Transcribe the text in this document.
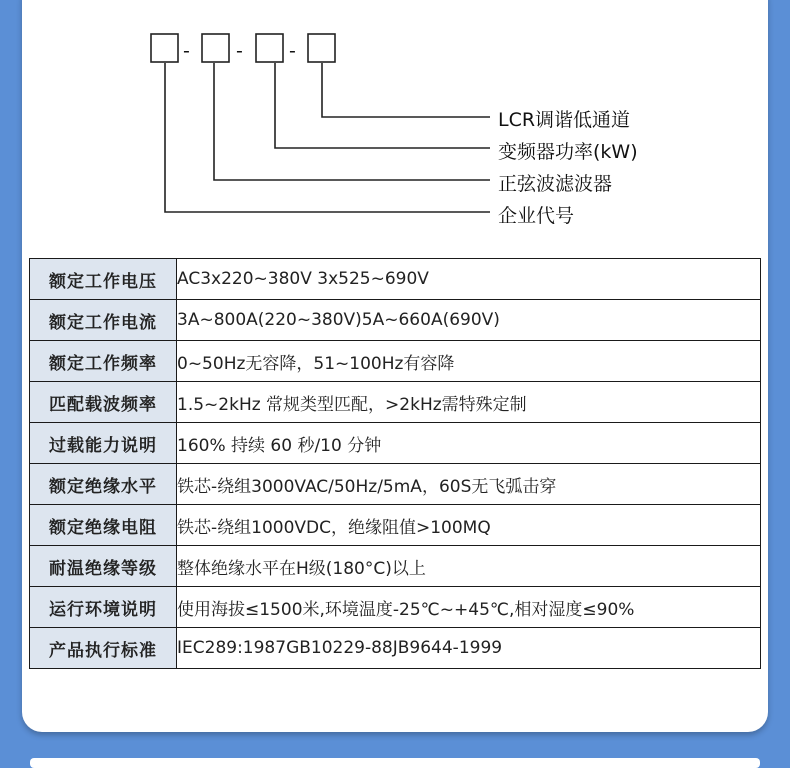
- - -
LCR调谐低通道
变频器功率(kW)
正弦波滤波器
企业代号
额定工作电压	AC3x220~380V 3x525~690V
额定工作电流	3A~800A(220~380V)5A~660A(690V)
额定工作频率	0~50Hz无容降，51~100Hz有容降
匹配载波频率	1.5~2kHz 常规类型匹配，>2kHz需特殊定制
过载能力说明	160% 持续 60 秒/10 分钟
额定绝缘水平	铁芯-绕组3000VAC/50Hz/5mA，60S无飞弧击穿
额定绝缘电阻	铁芯-绕组1000VDC，绝缘阻值>100MQ
耐温绝缘等级	整体绝缘水平在H级(180°C)以上
运行环境说明	使用海拔≤1500米,环境温度-25℃~+45℃,相对湿度≤90%
产品执行标准	IEC289:1987GB10229-88JB9644-1999
